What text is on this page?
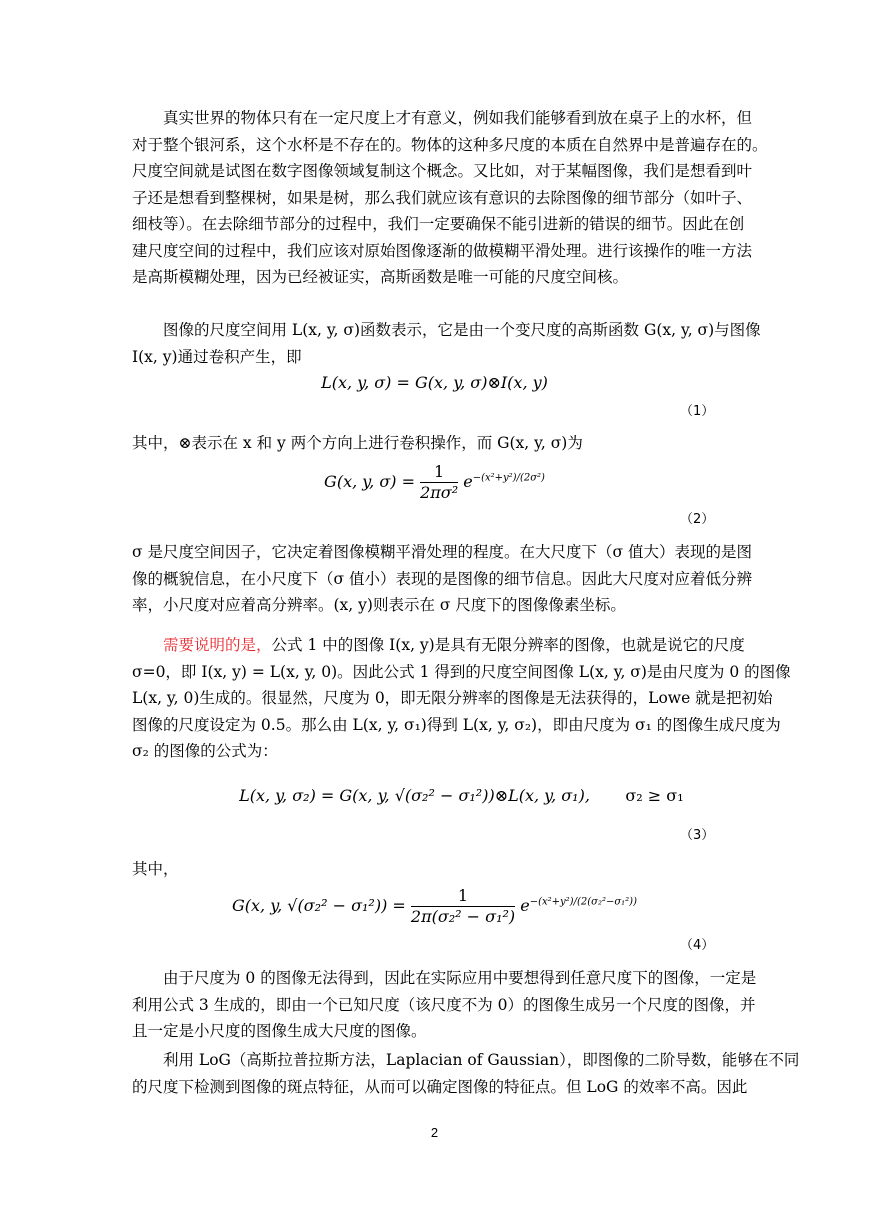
真实世界的物体只有在一定尺度上才有意义，例如我们能够看到放在桌子上的水杯，但
对于整个银河系，这个水杯是不存在的。物体的这种多尺度的本质在自然界中是普遍存在的。
尺度空间就是试图在数字图像领域复制这个概念。又比如，对于某幅图像，我们是想看到叶
子还是想看到整棵树，如果是树，那么我们就应该有意识的去除图像的细节部分（如叶子、
细枝等）。在去除细节部分的过程中，我们一定要确保不能引进新的错误的细节。因此在创
建尺度空间的过程中，我们应该对原始图像逐渐的做模糊平滑处理。进行该操作的唯一方法
是高斯模糊处理，因为已经被证实，高斯函数是唯一可能的尺度空间核。

图像的尺度空间用 L(x, y, σ)函数表示，它是由一个变尺度的高斯函数 G(x, y, σ)与图像
I(x, y)通过卷积产生，即

L(x, y, σ) = G(x, y, σ)⊗I(x, y)
（1）

其中，⊗表示在 x 和 y 两个方向上进行卷积操作，而 G(x, y, σ)为

G(x, y, $\sigma) = \frac{1}{\text{2πσ²}} e^{-(x^2+y^2)/(2\sigma^2)}$
（2）

σ 是尺度空间因子，它决定着图像模糊平滑处理的程度。在大尺度下（σ 值大）表现的是图
像的概貌信息，在小尺度下（σ 值小）表现的是图像的细节信息。因此大尺度对应着低分辨
率，小尺度对应着高分辨率。(x, y)则表示在 σ 尺度下的图像像素坐标。

需要说明的是，公式 1 中的图像 I(x, y)是具有无限分辨率的图像，也就是说它的尺度
σ=0，即 I(x, y) = L(x, y, 0)。因此公式 1 得到的尺度空间图像 L(x, y, σ)是由尺度为 0 的图像
L(x, y, 0)生成的。很显然，尺度为 0，即无限分辨率的图像是无法获得的，Lowe 就是把初始
图像的尺度设定为 0.5。那么由 L(x, y, σ₁)得到 L(x, y, σ₂)，即由尺度为 σ₁ 的图像生成尺度为
σ₂ 的图像的公式为：

L(x, y, σ₂) = G(x, y, √(σ₂² − σ₁²))⊗L(x, y, σ₁),	σ₂ ≥ σ₁
（3）

其中，

G(x, y, $√(\sigma_2^2 - \sigma_1^2)) = \frac{1}{\text{2π(σ₂² − σ₁²)}} e^{-(x^2+y^2)/(2(\sigma_2^2-\sigma_1^2))}$
（4）

由于尺度为 0 的图像无法得到，因此在实际应用中要想得到任意尺度下的图像，一定是
利用公式 3 生成的，即由一个已知尺度（该尺度不为 0）的图像生成另一个尺度的图像，并
且一定是小尺度的图像生成大尺度的图像。

利用 LoG（高斯拉普拉斯方法，Laplacian of Gaussian），即图像的二阶导数，能够在不同
的尺度下检测到图像的斑点特征，从而可以确定图像的特征点。但 LoG 的效率不高。因此

2
